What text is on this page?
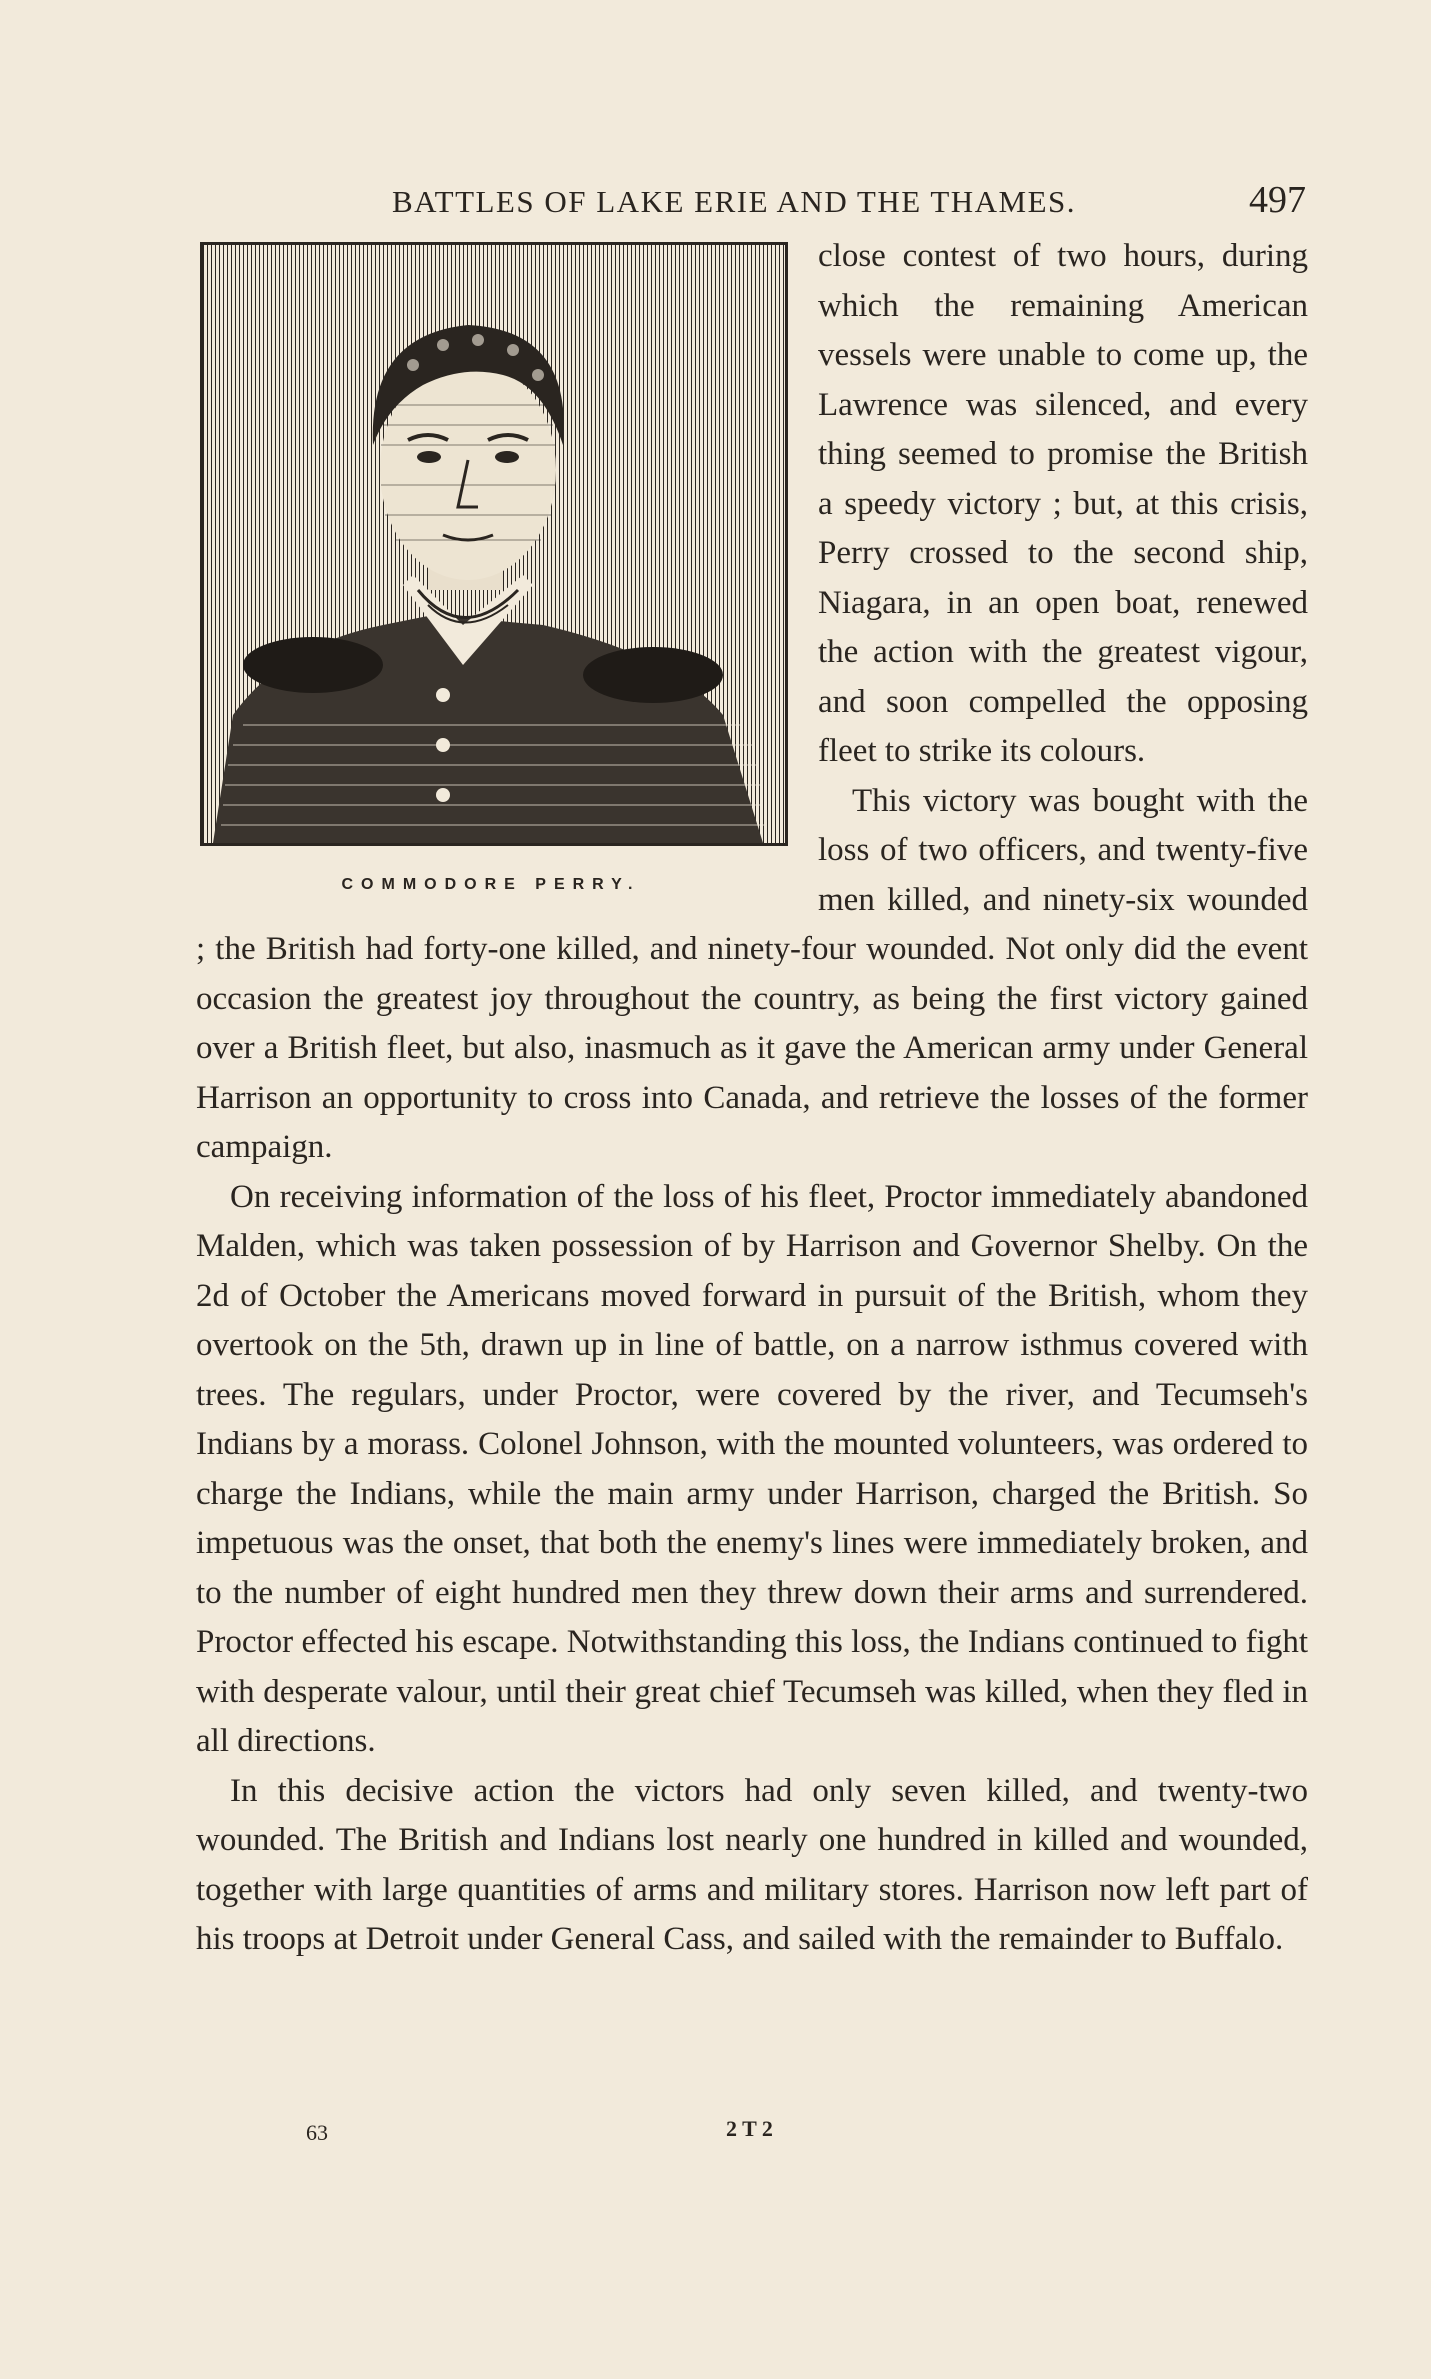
BATTLES OF LAKE ERIE AND THE THAMES.	497

COMMODORE PERRY.
close contest of two hours, during which the remaining American vessels were unable to come up, the Lawrence was silenced, and every thing seemed to promise the British a speedy victory ; but, at this crisis, Perry crossed to the second ship, Niagara, in an open boat, renewed the action with the greatest vigour, and soon compelled the opposing fleet to strike its colours.

This victory was bought with the loss of two officers, and twenty-five men killed, and ninety-six wounded ; the British had forty-one killed, and ninety-four wounded. Not only did the event occasion the greatest joy throughout the country, as being the first victory gained over a British fleet, but also, inasmuch as it gave the American army under General Harrison an opportunity to cross into Canada, and retrieve the losses of the former campaign.

On receiving information of the loss of his fleet, Proctor immediately abandoned Malden, which was taken possession of by Harrison and Governor Shelby. On the 2d of October the Americans moved forward in pursuit of the British, whom they overtook on the 5th, drawn up in line of battle, on a narrow isthmus covered with trees. The regulars, under Proctor, were covered by the river, and Tecumseh's Indians by a morass. Colonel Johnson, with the mounted volunteers, was ordered to charge the Indians, while the main army under Harrison, charged the British. So impetuous was the onset, that both the enemy's lines were immediately broken, and to the number of eight hundred men they threw down their arms and surrendered. Proctor effected his escape. Notwithstanding this loss, the Indians continued to fight with desperate valour, until their great chief Tecumseh was killed, when they fled in all directions.

In this decisive action the victors had only seven killed, and twenty-two wounded. The British and Indians lost nearly one hundred in killed and wounded, together with large quantities of arms and military stores. Harrison now left part of his troops at Detroit under General Cass, and sailed with the remainder to Buffalo.

63	2 T 2
